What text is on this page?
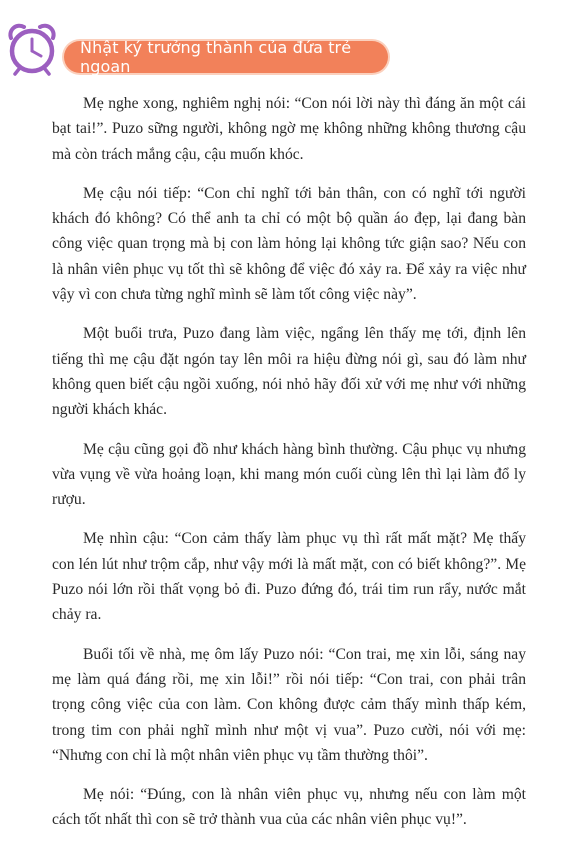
Nhật ký trưởng thành của đứa trẻ ngoan

Mẹ nghe xong, nghiêm nghị nói: “Con nói lời này thì đáng ăn một cái bạt tai!”. Puzo sững người, không ngờ mẹ không những không thương cậu mà còn trách mắng cậu, cậu muốn khóc.

Mẹ cậu nói tiếp: “Con chỉ nghĩ tới bản thân, con có nghĩ tới người khách đó không? Có thể anh ta chỉ có một bộ quần áo đẹp, lại đang bàn công việc quan trọng mà bị con làm hỏng lại không tức giận sao? Nếu con là nhân viên phục vụ tốt thì sẽ không để việc đó xảy ra. Để xảy ra việc như vậy vì con chưa từng nghĩ mình sẽ làm tốt công việc này”.

Một buổi trưa, Puzo đang làm việc, ngẩng lên thấy mẹ tới, định lên tiếng thì mẹ cậu đặt ngón tay lên môi ra hiệu đừng nói gì, sau đó làm như không quen biết cậu ngồi xuống, nói nhỏ hãy đối xử với mẹ như với những người khách khác.

Mẹ cậu cũng gọi đồ như khách hàng bình thường. Cậu phục vụ nhưng vừa vụng về vừa hoảng loạn, khi mang món cuối cùng lên thì lại làm đổ ly rượu.

Mẹ nhìn cậu: “Con cảm thấy làm phục vụ thì rất mất mặt? Mẹ thấy con lén lút như trộm cắp, như vậy mới là mất mặt, con có biết không?”. Mẹ Puzo nói lớn rồi thất vọng bỏ đi. Puzo đứng đó, trái tim run rẩy, nước mắt chảy ra.

Buổi tối về nhà, mẹ ôm lấy Puzo nói: “Con trai, mẹ xin lỗi, sáng nay mẹ làm quá đáng rồi, mẹ xin lỗi!” rồi nói tiếp: “Con trai, con phải trân trọng công việc của con làm. Con không được cảm thấy mình thấp kém, trong tim con phải nghĩ mình như một vị vua”. Puzo cười, nói với mẹ: “Nhưng con chỉ là một nhân viên phục vụ tầm thường thôi”.

Mẹ nói: “Đúng, con là nhân viên phục vụ, nhưng nếu con làm một cách tốt nhất thì con sẽ trở thành vua của các nhân viên phục vụ!”.
